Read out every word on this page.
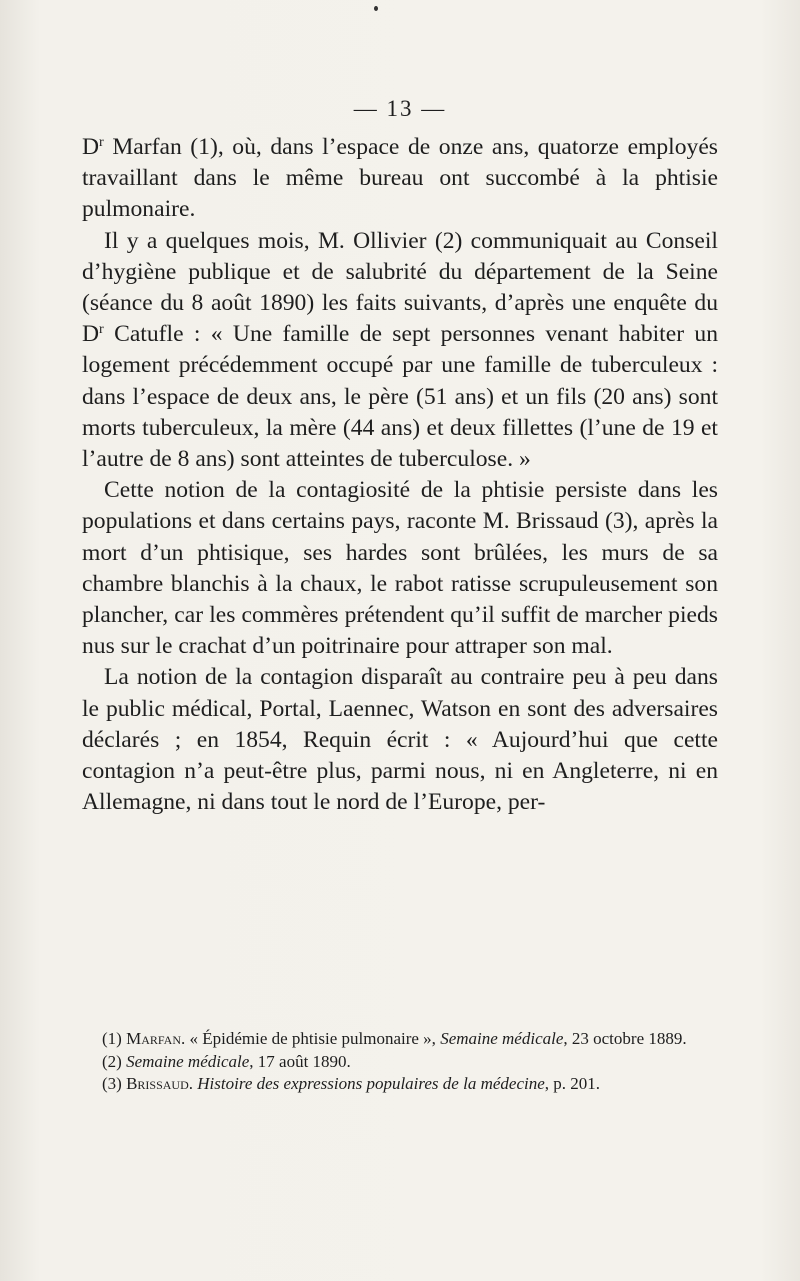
— 13 —

$D^r$ Marfan (1), où, dans l’espace de onze ans, quatorze employés travaillant dans le même bureau ont succombé à la phtisie pulmonaire.

Il y a quelques mois, M. Ollivier (2) communiquait au Conseil d’hygiène publique et de salubrité du département de la Seine (séance du 8 août 1890) les faits suivants, d’après une enquête du $D^r$ Catufle : « Une famille de sept personnes venant habiter un logement précédemment occupé par une famille de tuberculeux : dans l’espace de deux ans, le père (51 ans) et un fils (20 ans) sont morts tuberculeux, la mère (44 ans) et deux fillettes (l’une de 19 et l’autre de 8 ans) sont atteintes de tuberculose. »

Cette notion de la contagiosité de la phtisie persiste dans les populations et dans certains pays, raconte M. Brissaud (3), après la mort d’un phtisique, ses hardes sont brûlées, les murs de sa chambre blanchis à la chaux, le rabot ratisse scrupuleusement son plancher, car les commères prétendent qu’il suffit de marcher pieds nus sur le crachat d’un poitrinaire pour attraper son mal.

La notion de la contagion disparaît au contraire peu à peu dans le public médical, Portal, Laennec, Watson en sont des adversaires déclarés ; en 1854, Requin écrit : « Aujourd’hui que cette contagion n’a peut-être plus, parmi nous, ni en Angleterre, ni en Allemagne, ni dans tout le nord de l’Europe, per-

(1) Marfan. « Épidémie de phtisie pulmonaire », Semaine médicale, 23 octobre 1889.

(2) Semaine médicale, 17 août 1890.

(3) Brissaud. Histoire des expressions populaires de la médecine, p. 201.
